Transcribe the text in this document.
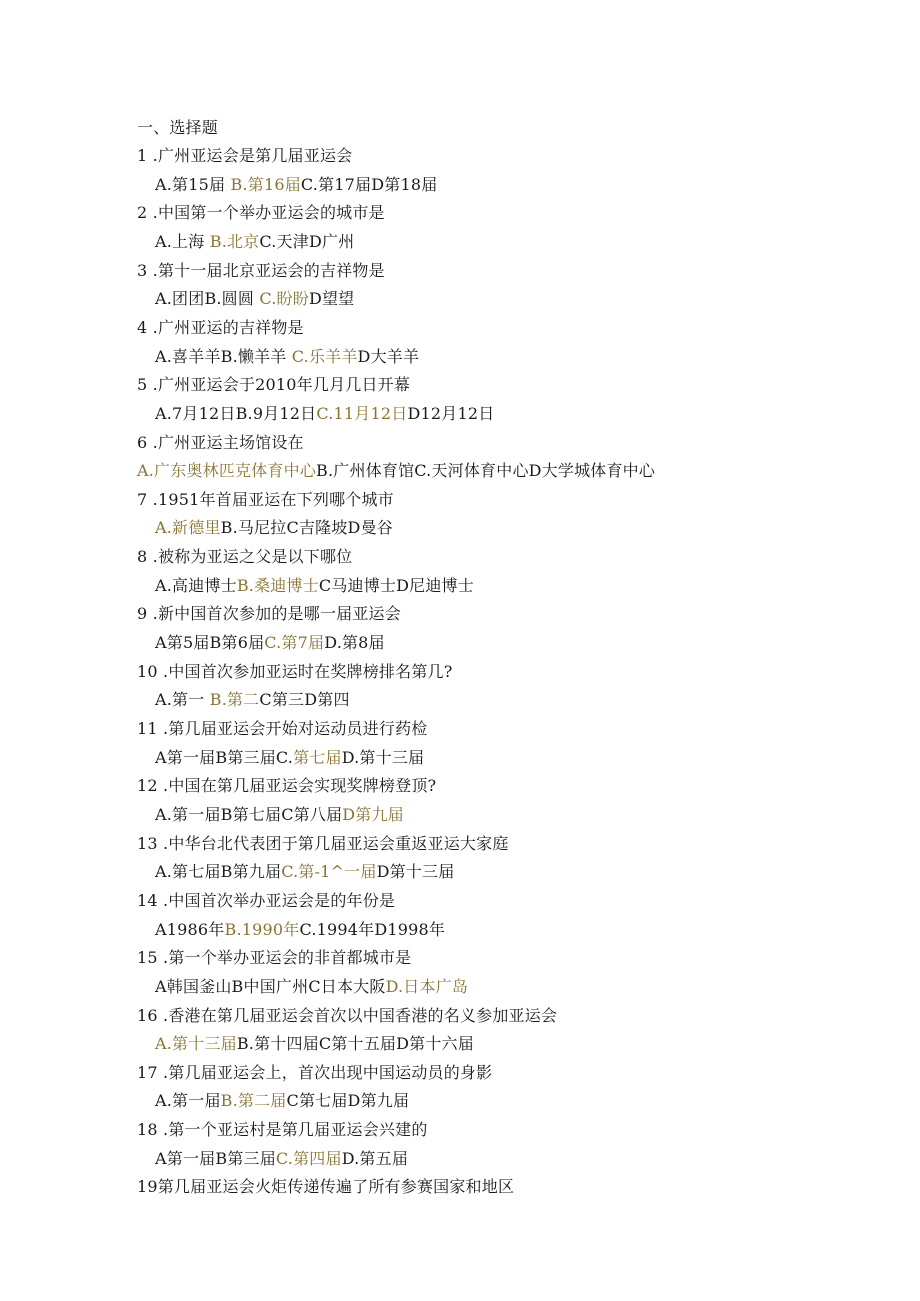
一、选择题
1 .广州亚运会是第几届亚运会
A.第15届 B.第16届C.第17届D第18届
2 .中国第一个举办亚运会的城市是
A.上海 B.北京C.天津D广州
3 .第十一届北京亚运会的吉祥物是
A.团团B.圆圆 C.盼盼D望望
4 .广州亚运的吉祥物是
A.喜羊羊B.懒羊羊 C.乐羊羊D大羊羊
5 .广州亚运会于2010年几月几日开幕
A.7月12日B.9月12日C.11月12日D12月12日
6 .广州亚运主场馆设在
A.广东奥林匹克体育中心B.广州体育馆C.天河体育中心D大学城体育中心
7 .1951年首届亚运在下列哪个城市
A.新德里B.马尼拉C吉隆坡D曼谷
8 .被称为亚运之父是以下哪位
A.高迪博士B.桑迪博士C马迪博士D尼迪博士
9 .新中国首次参加的是哪一届亚运会
A第5届B第6届C.第7届D.第8届
10 .中国首次参加亚运时在奖牌榜排名第几?
A.第一 B.第二C第三D第四
11 .第几届亚运会开始对运动员进行药检
A第一届B第三届C.第七届D.第十三届
12 .中国在第几届亚运会实现奖牌榜登顶?
A.第一届B第七届C第八届D第九届
13 .中华台北代表团于第几届亚运会重返亚运大家庭
A.第七届B第九届C.第-1^一届D第十三届
14 .中国首次举办亚运会是的年份是
A1986年B.1990年C.1994年D1998年
15 .第一个举办亚运会的非首都城市是
A韩国釜山B中国广州C日本大阪D.日本广岛
16 .香港在第几届亚运会首次以中国香港的名义参加亚运会
A.第十三届B.第十四届C第十五届D第十六届
17 .第几届亚运会上，首次出现中国运动员的身影
A.第一届B.第二届C第七届D第九届
18 .第一个亚运村是第几届亚运会兴建的
A第一届B第三届C.第四届D.第五届
19第几届亚运会火炬传递传遍了所有参赛国家和地区
